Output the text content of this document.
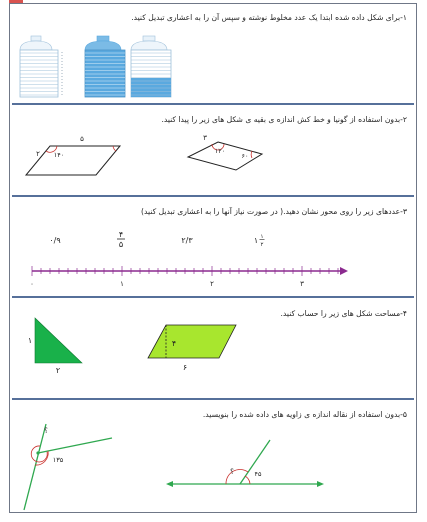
۱-برای شکل داده شده ابتدا یک عدد مخلوط نوشته و سپس آن را به اعشاری تبدیل کنید.
۲-بدون استفاده از گونیا و خط کش اندازه ی بقیه ی شکل های زیر را پیدا کنید.
۳-عددهای زیر را روی محور نشان دهید.( در صورت نیاز آنها را به اعشاری تبدیل کنید)
۴-مساحت شکل های زیر را حساب کنید.
۵-بدون استفاده از نقاله اندازه ی زاویه های داده شده را بنویسید.
۵
۲ ۱۴۰
۳
۱۲۰
۶۰
۰/۹
۴
۵	۲/۳	۱ ۱
۲
۰	۱	۲	۳
۱
۲
۴
۶
؟
۱۳۵
؟	۴۵
